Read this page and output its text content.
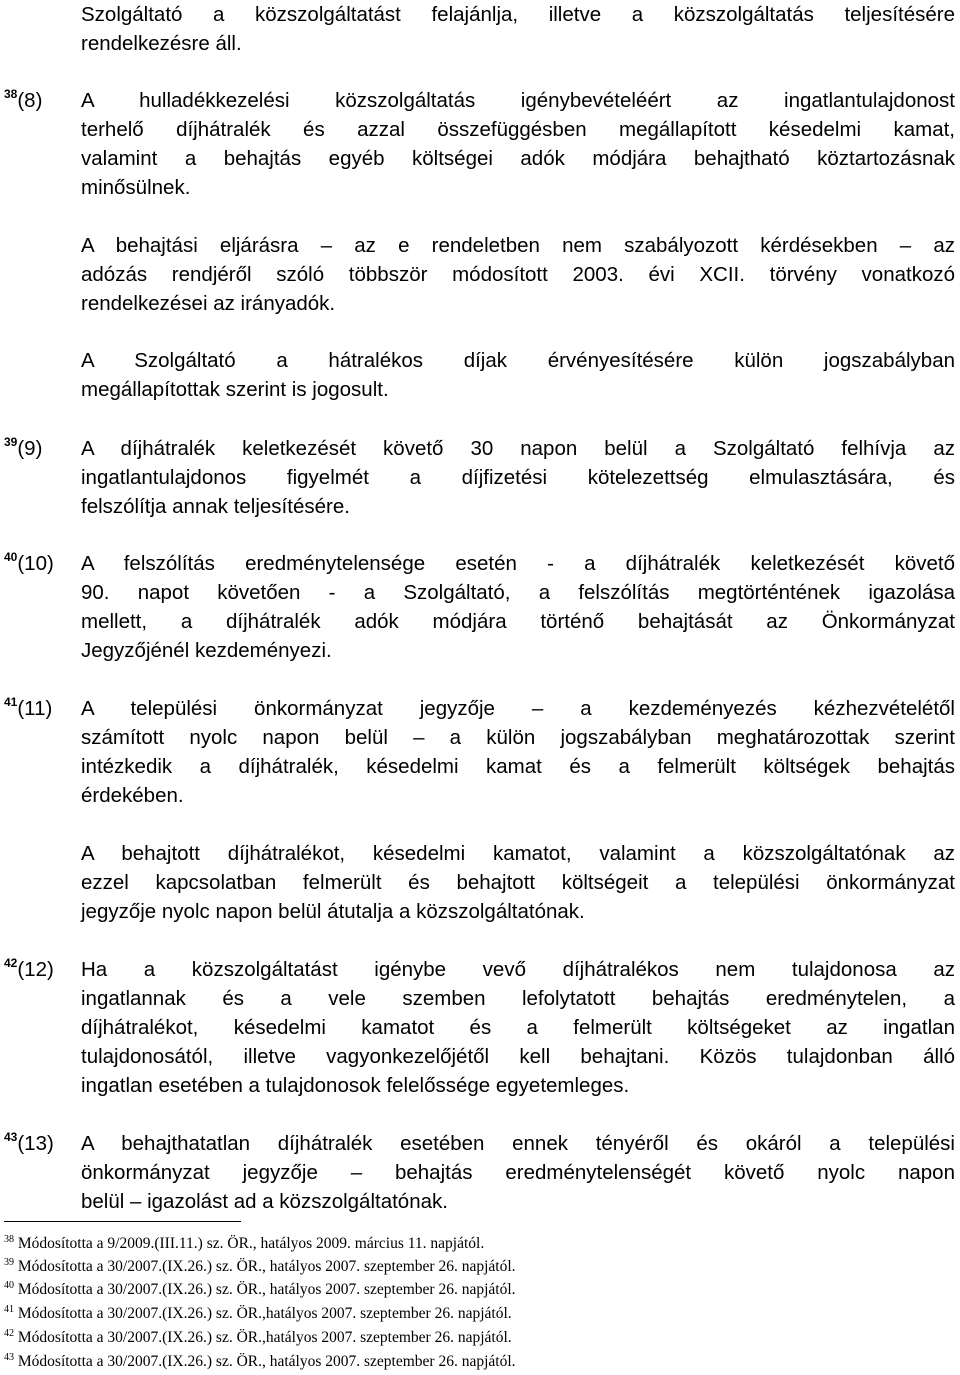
Szolgáltató a közszolgáltatást felajánlja, illetve a közszolgáltatás teljesítésére
rendelkezésre áll.
$^{38}$(8) A hulladékkezelési közszolgáltatás igénybevételéért az ingatlantulajdonost
terhelő díjhátralék és azzal összefüggésben megállapított késedelmi kamat,
valamint a behajtás egyéb költségei adók módjára behajtható köztartozásnak
minősülnek.
A behajtási eljárásra – az e rendeletben nem szabályozott kérdésekben – az
adózás rendjéről szóló többször módosított 2003. évi XCII. törvény vonatkozó
rendelkezései az irányadók.
A Szolgáltató a hátralékos díjak érvényesítésére külön jogszabályban
megállapítottak szerint is jogosult.
$^{39}$(9) A díjhátralék keletkezését követő 30 napon belül a Szolgáltató felhívja az
ingatlantulajdonos figyelmét a díjfizetési kötelezettség elmulasztására, és
felszólítja annak teljesítésére.
$^{40}$(10) A felszólítás eredménytelensége esetén - a díjhátralék keletkezését követő
90. napot követően - a Szolgáltató, a felszólítás megtörténtének igazolása
mellett, a díjhátralék adók módjára történő behajtását az Önkormányzat
Jegyzőjénél kezdeményezi.
$^{41}$(11) A települési önkormányzat jegyzője – a kezdeményezés kézhezvételétől
számított nyolc napon belül – a külön jogszabályban meghatározottak szerint
intézkedik a díjhátralék, késedelmi kamat és a felmerült költségek behajtás
érdekében.
A behajtott díjhátralékot, késedelmi kamatot, valamint a közszolgáltatónak az
ezzel kapcsolatban felmerült és behajtott költségeit a települési önkormányzat
jegyzője nyolc napon belül átutalja a közszolgáltatónak.
$^{42}$(12) Ha a közszolgáltatást igénybe vevő díjhátralékos nem tulajdonosa az
ingatlannak és a vele szemben lefolytatott behajtás eredménytelen, a
díjhátralékot, késedelmi kamatot és a felmerült költségeket az ingatlan
tulajdonosától, illetve vagyonkezelőjétől kell behajtani. Közös tulajdonban álló
ingatlan esetében a tulajdonosok felelőssége egyetemleges.
$^{43}$(13) A behajthatatlan díjhátralék esetében ennek tényéről és okáról a települési
önkormányzat jegyzője – behajtás eredménytelenségét követő nyolc napon
belül – igazolást ad a közszolgáltatónak.
$^{38}$ Módosította a 9/2009.(III.11.) sz. ÖR., hatályos 2009. március 11. napjától.
$^{39}$ Módosította a 30/2007.(IX.26.) sz. ÖR., hatályos 2007. szeptember 26. napjától.
$^{40}$ Módosította a 30/2007.(IX.26.) sz. ÖR., hatályos 2007. szeptember 26. napjától.
$^{41}$ Módosította a 30/2007.(IX.26.) sz. ÖR.,hatályos 2007. szeptember 26. napjától.
$^{42}$ Módosította a 30/2007.(IX.26.) sz. ÖR.,hatályos 2007. szeptember 26. napjától.
$^{43}$ Módosította a 30/2007.(IX.26.) sz. ÖR., hatályos 2007. szeptember 26. napjától.
